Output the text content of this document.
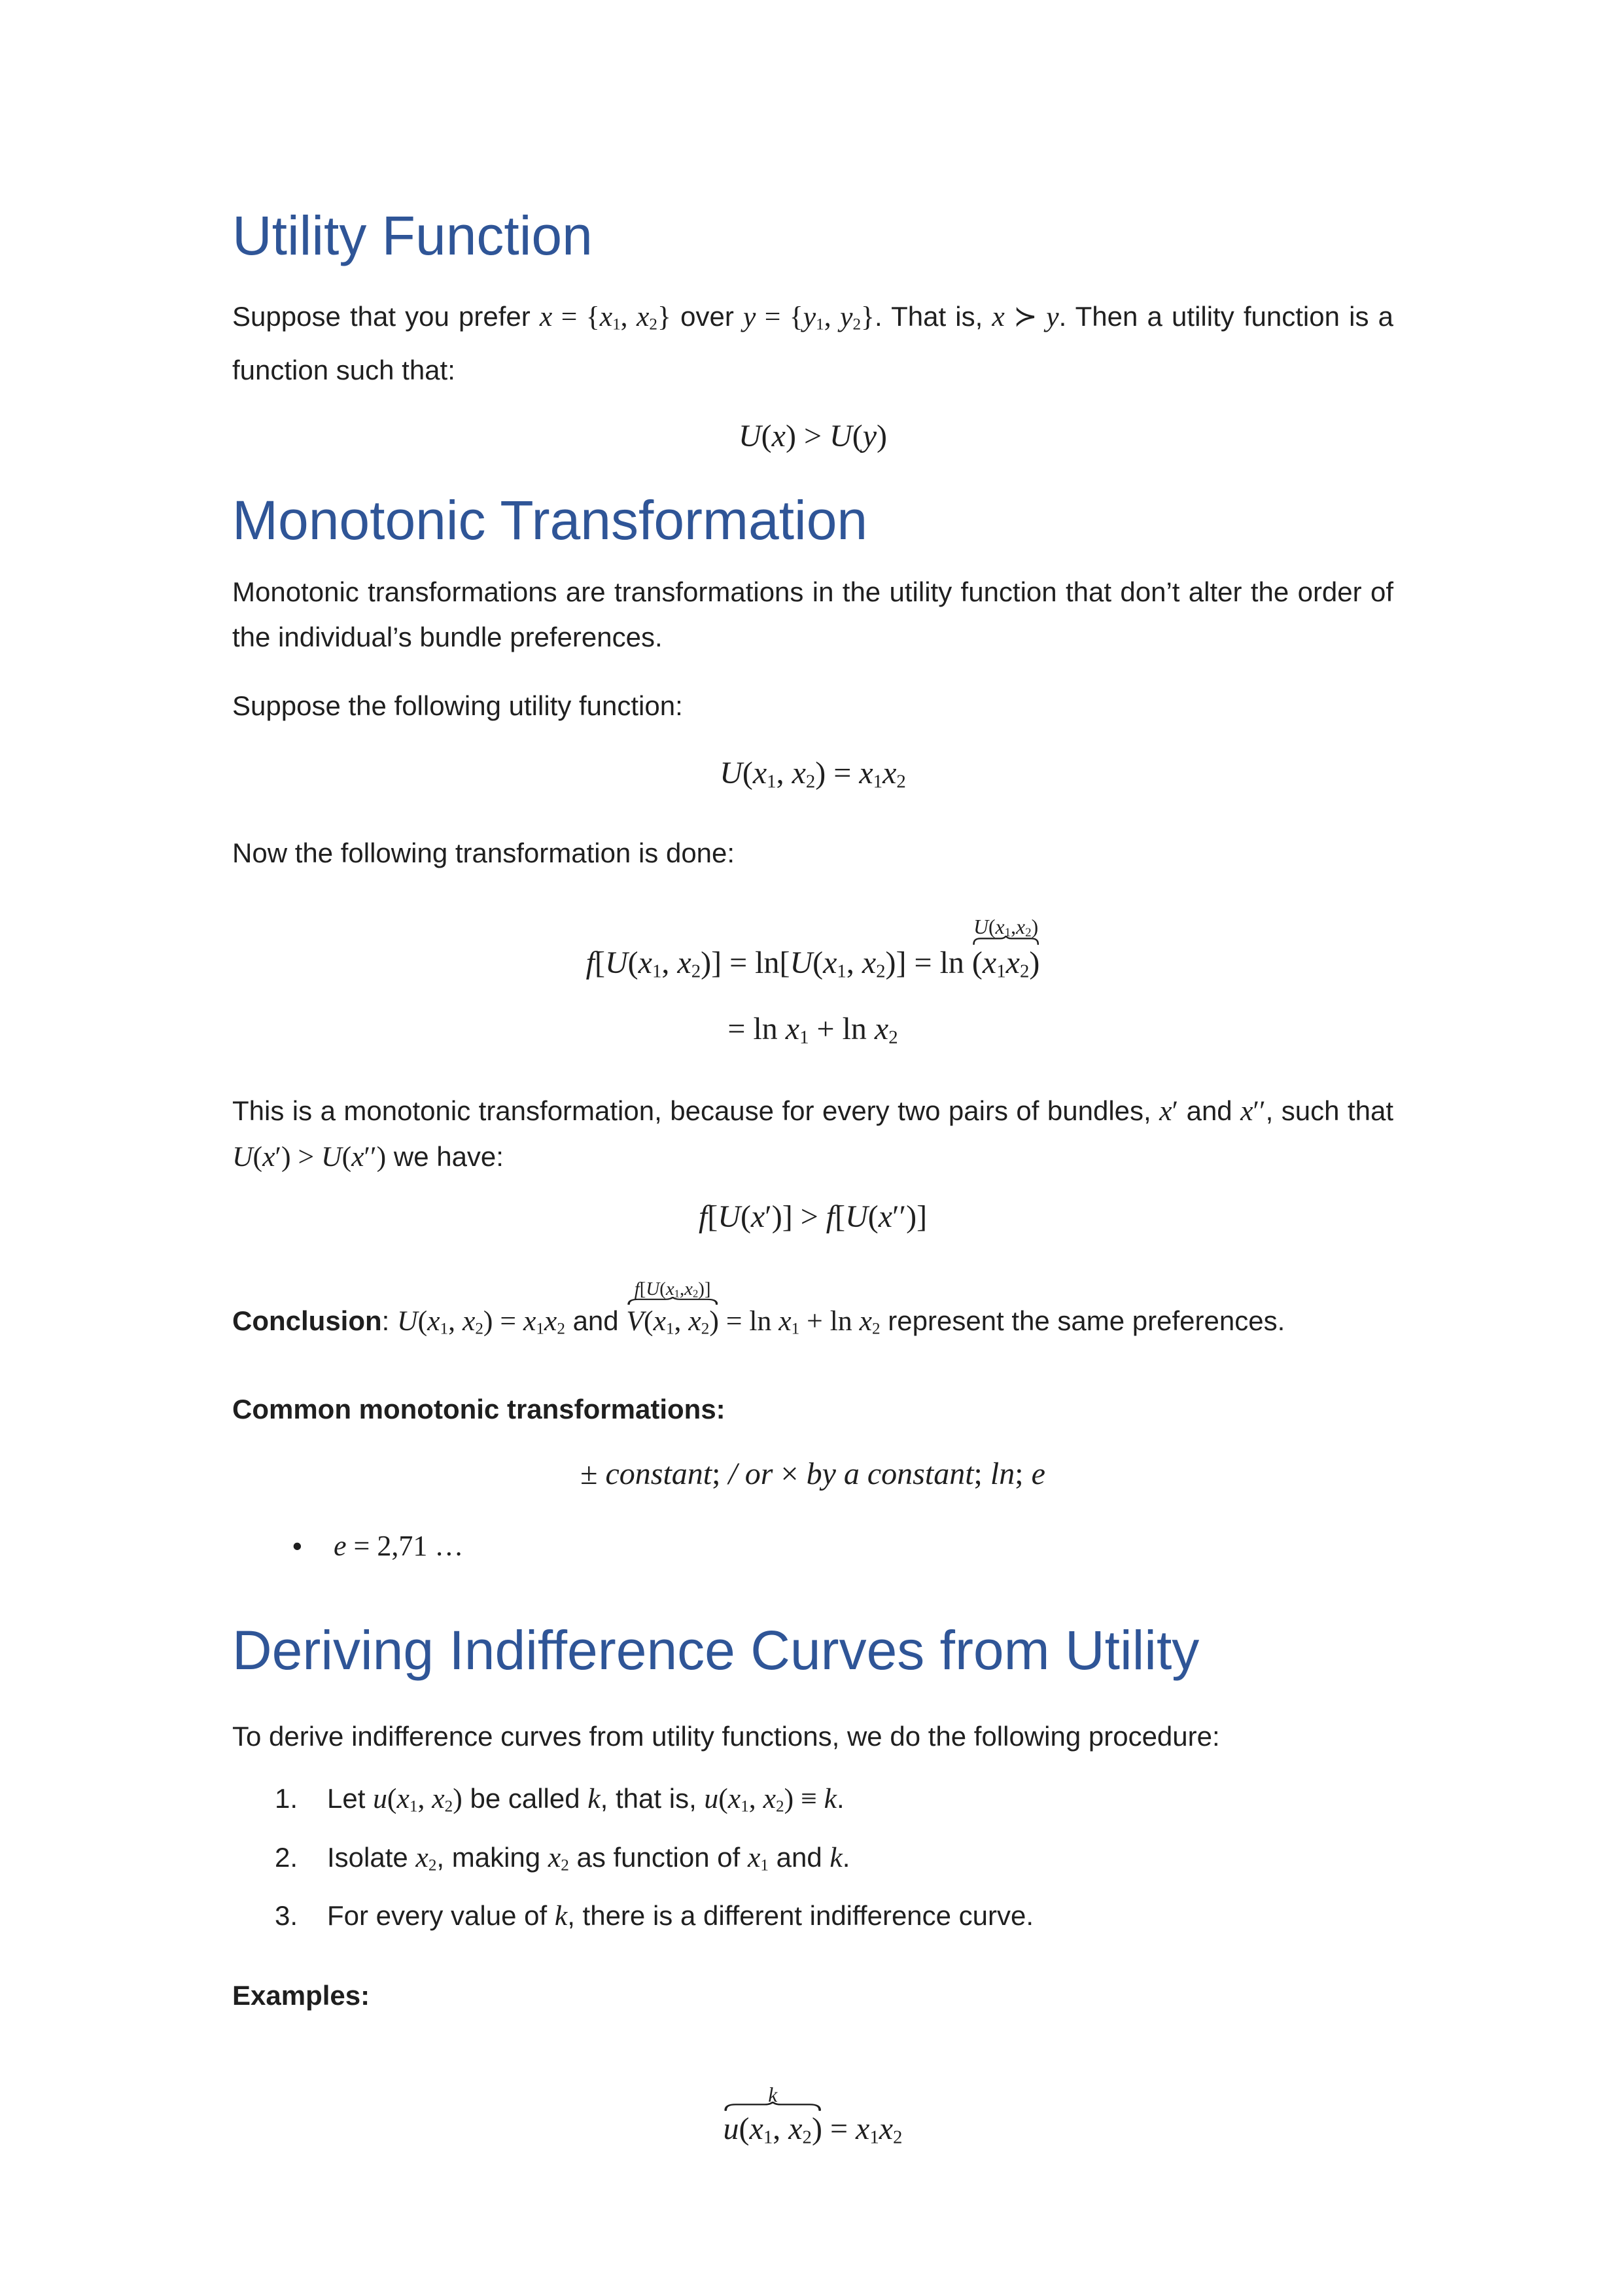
Utility Function

Suppose that you prefer x = {x1, x2} over y = {y1, y2}. That is, x ≻ y. Then a utility function is a function such that:

U(x) > U(y)
Monotonic Transformation

Monotonic transformations are transformations in the utility function that don’t alter the order of the individual’s bundle preferences.

Suppose the following utility function:

U(x1, x2) = x1x2

Now the following transformation is done:

f[U(x1, x2)] = ln[U(x1, x2)] = ln
U(x1,x2)
(x1x2)
= ln x1 + ln x2

This is a monotonic transformation, because for every two pairs of bundles, x′ and x′′, such that U(x′) > U(x′′) we have:

f[U(x′)] > f[U(x′′)]

Conclusion: U(x1, x2) = x1x2 and
f[U(x1,x2)]
V(x1, x2) = ln x1 + ln x2 represent the same preferences.

Common monotonic transformations:

± constant; / or × by a constant; ln; e
• e = 2,71 …
Deriving Indifference Curves from Utility

To derive indifference curves from utility functions, we do the following procedure:

1. Let u(x1, x2) be called k, that is, u(x1, x2) ≡ k.
2. Isolate x2, making x2 as function of x1 and k.
3. For every value of k, there is a different indifference curve.

Examples:

k
u(x1, x2) = x1x2
